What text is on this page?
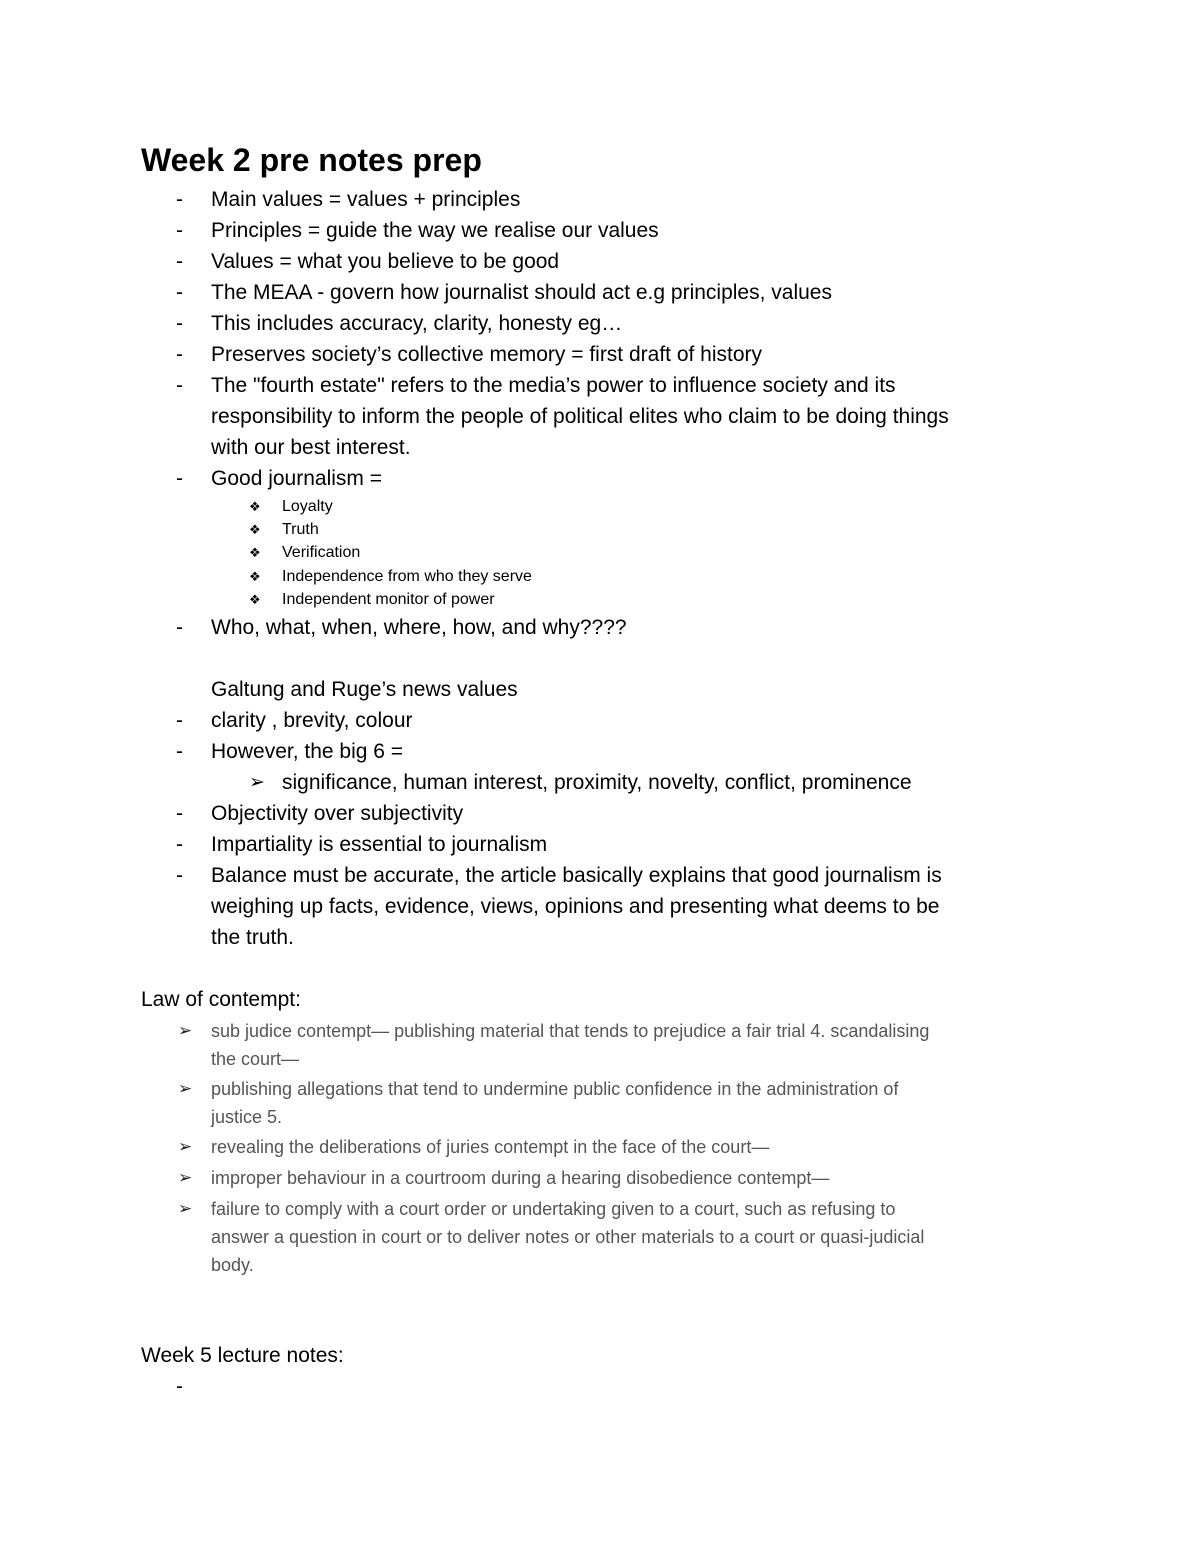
Week 2 pre notes prep
- Main values = values + principles
- Principles = guide the way we realise our values
- Values = what you believe to be good
- The MEAA - govern how journalist should act e.g principles, values
- This includes accuracy, clarity, honesty eg…
- Preserves society’s collective memory = first draft of history
- The "fourth estate" refers to the media’s power to influence society and its
responsibility to inform the people of political elites who claim to be doing things
with our best interest.
- Good journalism =
❖ Loyalty
❖ Truth
❖ Verification
❖ Independence from who they serve
❖ Independent monitor of power
- Who, what, when, where, how, and why????
Galtung and Ruge’s news values
- clarity , brevity, colour
- However, the big 6 =
➢ significance, human interest, proximity, novelty, conflict, prominence
- Objectivity over subjectivity
- Impartiality is essential to journalism
- Balance must be accurate, the article basically explains that good journalism is
weighing up facts, evidence, views, opinions and presenting what deems to be
the truth.
Law of contempt:
➢ sub judice contempt— publishing material that tends to prejudice a fair trial 4. scandalising
the court—
➢ publishing allegations that tend to undermine public confidence in the administration of
justice 5.
➢ revealing the deliberations of juries contempt in the face of the court—
➢ improper behaviour in a courtroom during a hearing disobedience contempt—
➢ failure to comply with a court order or undertaking given to a court, such as refusing to
answer a question in court or to deliver notes or other materials to a court or quasi-judicial
body.
Week 5 lecture notes:
-
